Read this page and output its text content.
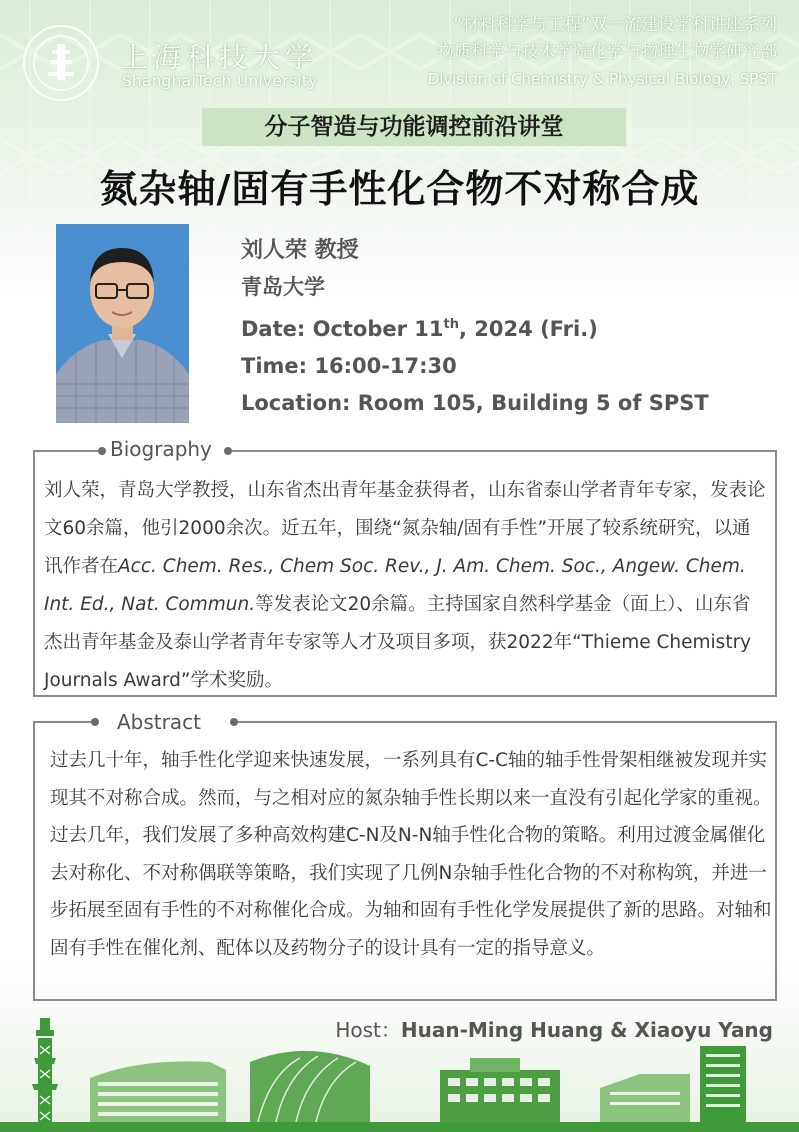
上海科技大学
ShanghaiTech University
“材料科学与工程”双一流建设学科讲座系列
物质科学与技术学院化学与物理生物学研究部
Division of Chemistry & Physical Biology, SPST
分子智造与功能调控前沿讲堂
氮杂轴/固有手性化合物不对称合成
刘人荣 教授
青岛大学
Date: October 11th, 2024 (Fri.)
Time: 16:00-17:30
Location: Room 105, Building 5 of SPST
Biography
刘人荣，青岛大学教授，山东省杰出青年基金获得者，山东省泰山学者青年专家，发表论文60余篇，他引2000余次。近五年，围绕“氮杂轴/固有手性”开展了较系统研究，以通讯作者在Acc. Chem. Res., Chem Soc. Rev., J. Am. Chem. Soc., Angew. Chem. Int. Ed., Nat. Commun.等发表论文20余篇。主持国家自然科学基金（面上）、山东省杰出青年基金及泰山学者青年专家等人才及项目多项，获2022年“Thieme Chemistry Journals Award”学术奖励。
Abstract
过去几十年，轴手性化学迎来快速发展，一系列具有C-C轴的轴手性骨架相继被发现并实现其不对称合成。然而，与之相对应的氮杂轴手性长期以来一直没有引起化学家的重视。过去几年，我们发展了多种高效构建C-N及N-N轴手性化合物的策略。利用过渡金属催化去对称化、不对称偶联等策略，我们实现了几例N杂轴手性化合物的不对称构筑，并进一步拓展至固有手性的不对称催化合成。为轴和固有手性化学发展提供了新的思路。对轴和固有手性在催化剂、配体以及药物分子的设计具有一定的指导意义。
Host：Huan-Ming Huang & Xiaoyu Yang
